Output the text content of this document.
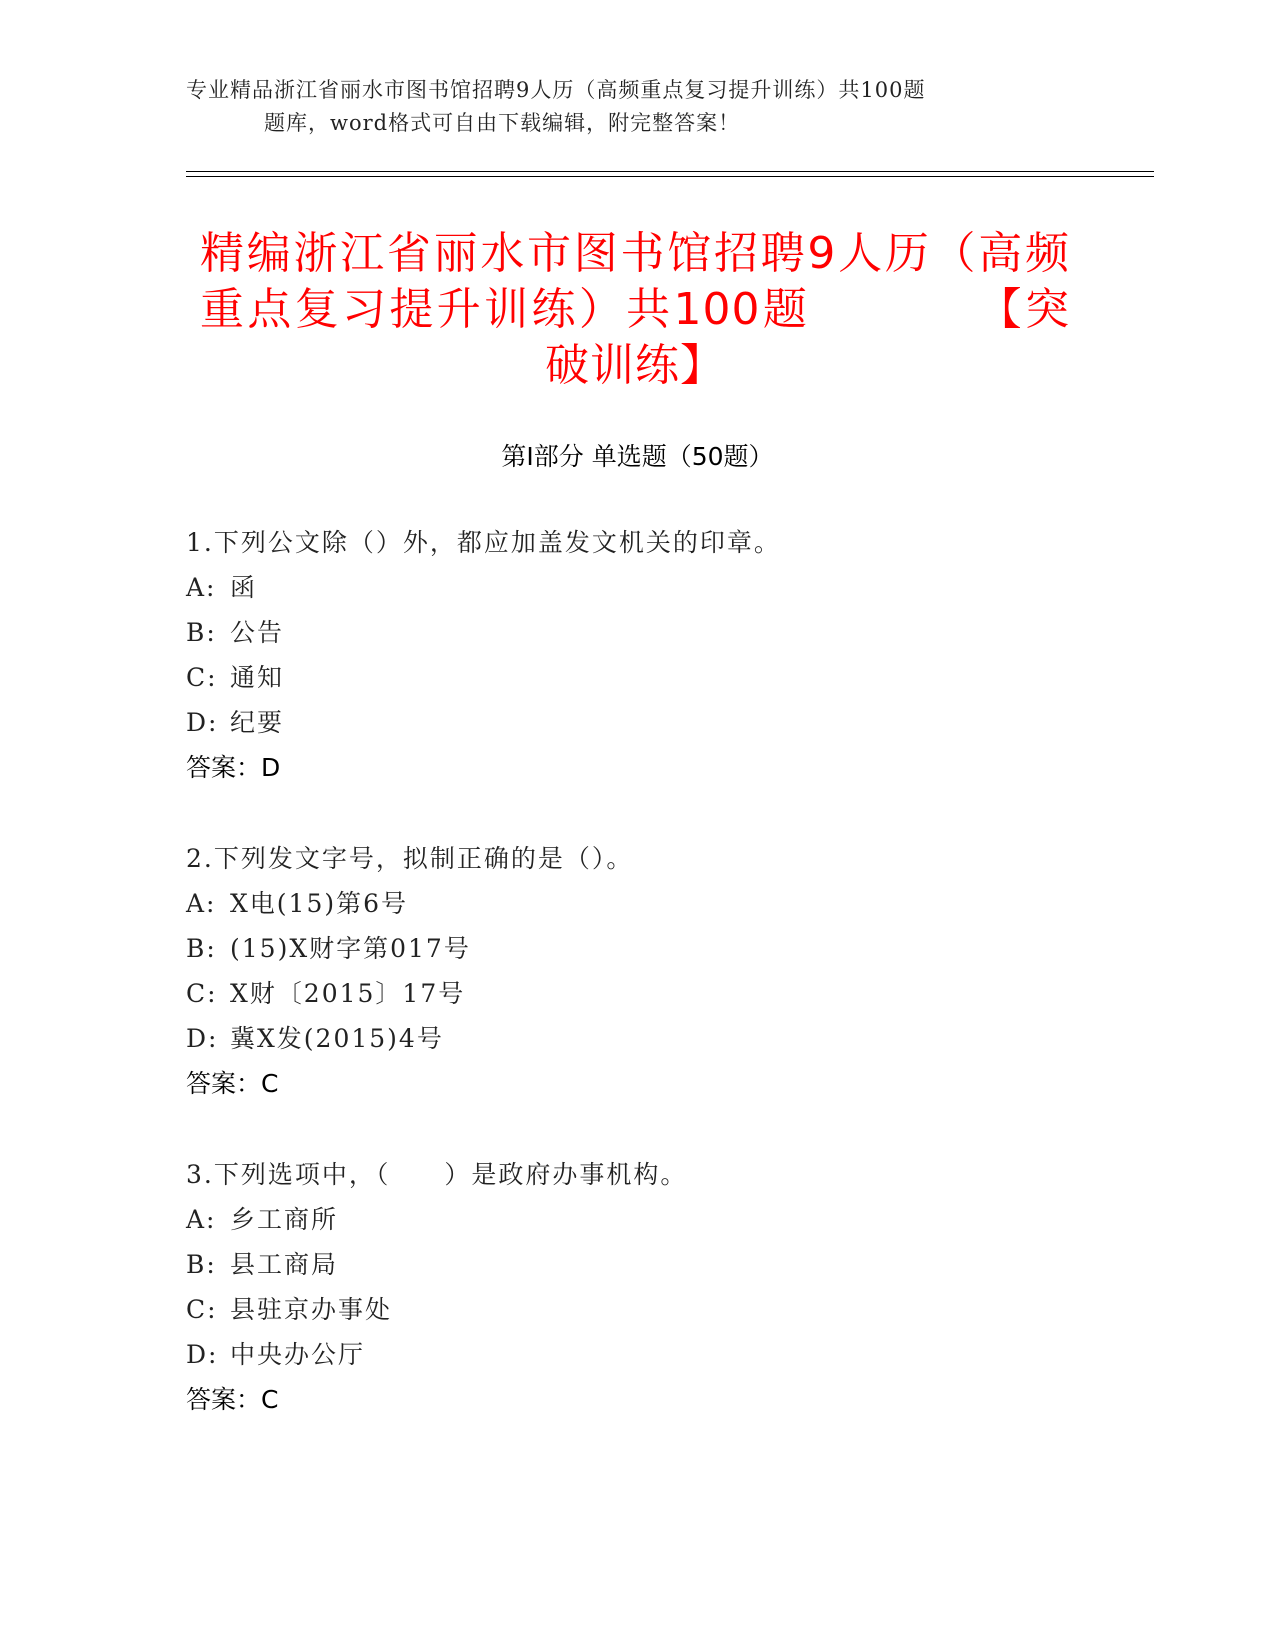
专业精品浙江省丽水市图书馆招聘9人历（高频重点复习提升训练）共100题
题库，word格式可自由下载编辑，附完整答案！
精编浙江省丽水市图书馆招聘9人历（高频重点复习提升训练）共100题　　　　【突破训练】
第Ⅰ部分 单选题（50题）
1.下列公文除（）外，都应加盖发文机关的印章。
A: 函
B: 公告
C: 通知
D: 纪要
答案：D
2.下列发文字号，拟制正确的是（）。
A: X电(15)第6号
B: (15)X财字第017号
C: X财〔2015〕17号
D: 冀X发(2015)4号
答案：C
3.下列选项中，（　　）是政府办事机构。
A: 乡工商所
B: 县工商局
C: 县驻京办事处
D: 中央办公厅
答案：C
